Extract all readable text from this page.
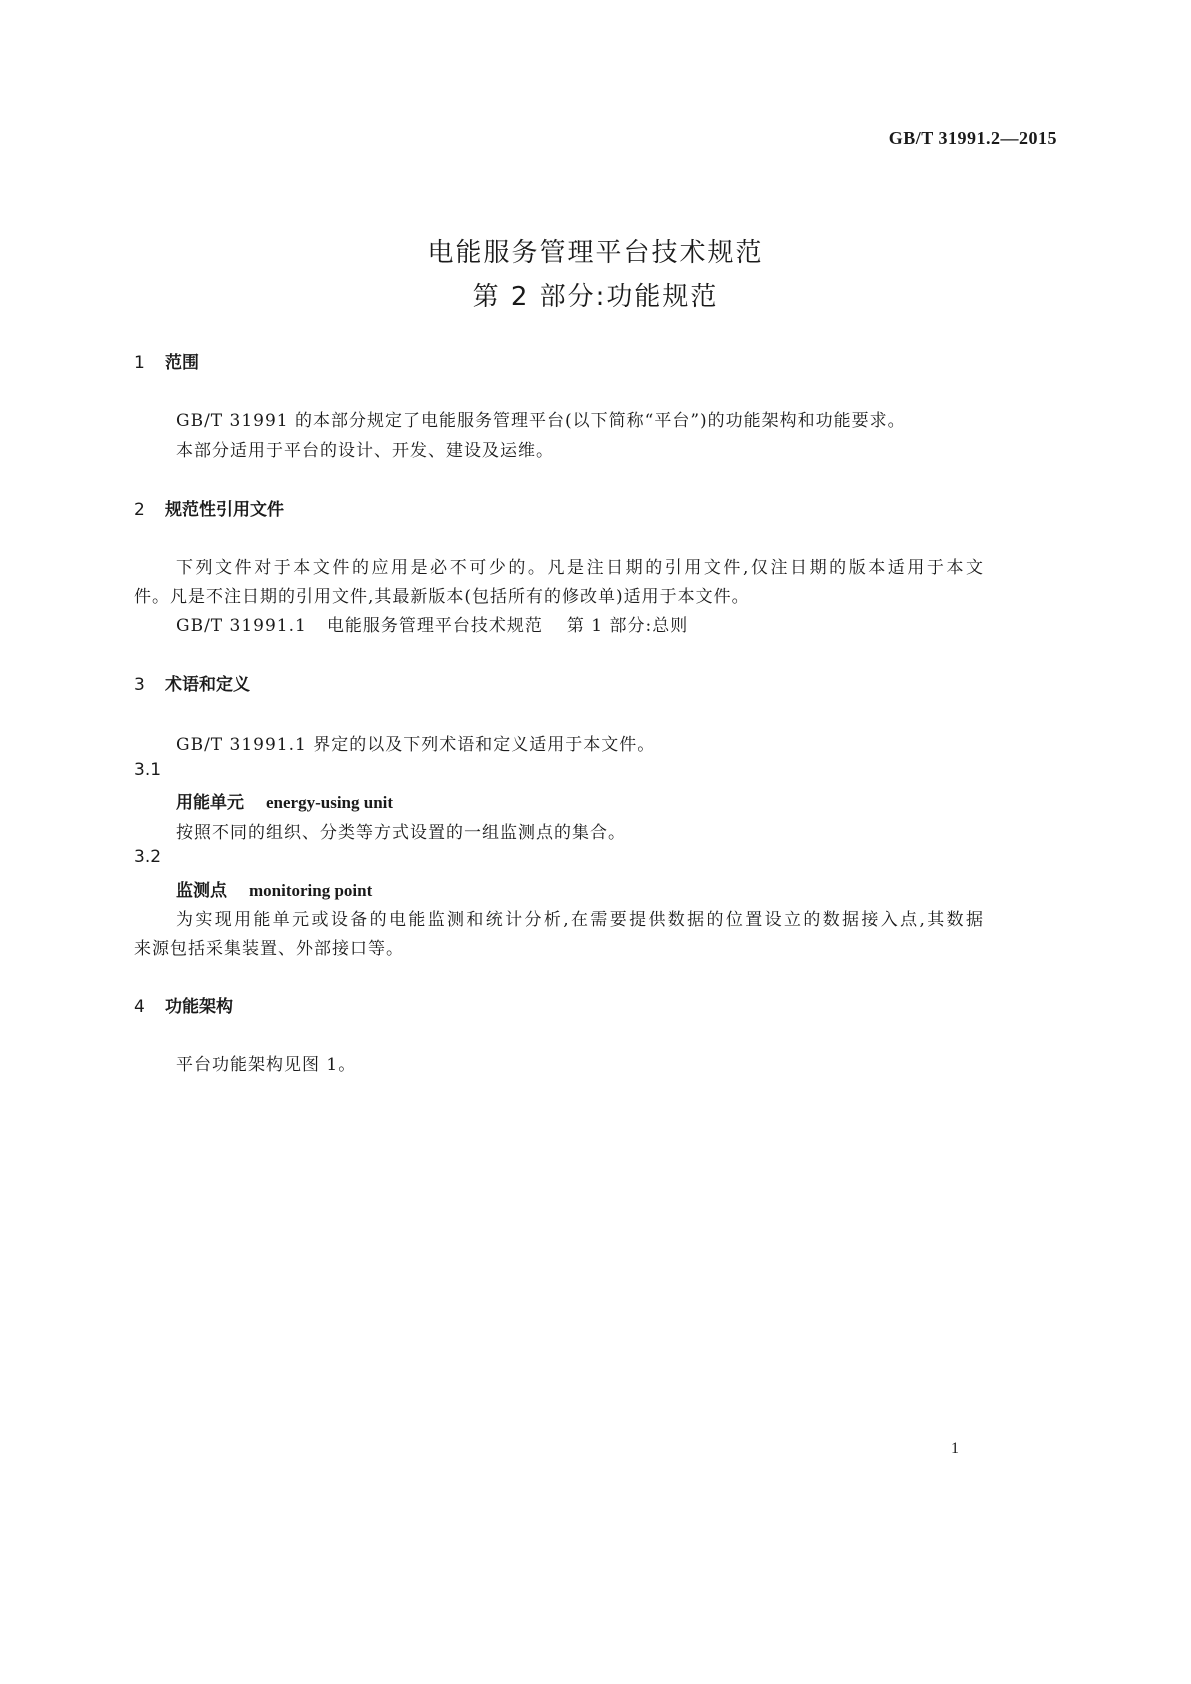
GB/T 31991.2—2015
电能服务管理平台技术规范
第 2 部分:功能规范
1 范围
GB/T 31991 的本部分规定了电能服务管理平台(以下简称“平台”)的功能架构和功能要求。
本部分适用于平台的设计、开发、建设及运维。
2 规范性引用文件
下列文件对于本文件的应用是必不可少的。凡是注日期的引用文件,仅注日期的版本适用于本文
件。凡是不注日期的引用文件,其最新版本(包括所有的修改单)适用于本文件。
GB/T 31991.1 电能服务管理平台技术规范 第 1 部分:总则
3 术语和定义
GB/T 31991.1 界定的以及下列术语和定义适用于本文件。
3.1
用能单元 energy-using unit
按照不同的组织、分类等方式设置的一组监测点的集合。
3.2
监测点 monitoring point
为实现用能单元或设备的电能监测和统计分析,在需要提供数据的位置设立的数据接入点,其数据
来源包括采集装置、外部接口等。
4 功能架构
平台功能架构见图 1。
1
